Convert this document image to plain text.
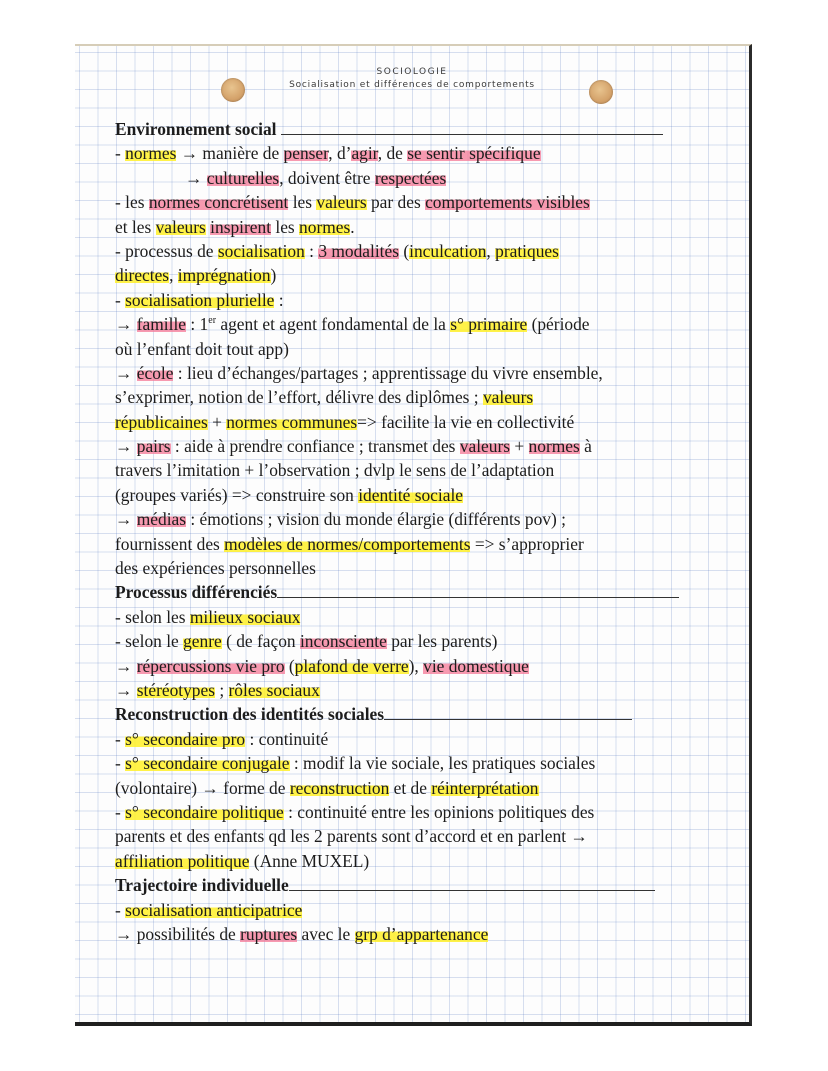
SOCIOLOGIE
Socialisation et différences de comportements
Environnement social
- normes → manière de penser, d’agir, de se sentir spécifique
→ culturelles, doivent être respectées
- les normes concrétisent les valeurs par des comportements visibles
et les valeurs inspirent les normes.
- processus de socialisation : 3 modalités (inculcation, pratiques
directes, imprégnation)
- socialisation plurielle :
→ famille : 1er agent et agent fondamental de la s° primaire (période
où l’enfant doit tout app)
→ école : lieu d’échanges/partages ; apprentissage du vivre ensemble,
s’exprimer, notion de l’effort, délivre des diplômes ; valeurs
républicaines + normes communes=> facilite la vie en collectivité
→ pairs : aide à prendre confiance ; transmet des valeurs + normes à
travers l’imitation + l’observation ; dvlp le sens de l’adaptation
(groupes variés) => construire son identité sociale
→ médias : émotions ; vision du monde élargie (différents pov) ;
fournissent des modèles de normes/comportements => s’approprier
des expériences personnelles
Processus différenciés
- selon les milieux sociaux
- selon le genre ( de façon inconsciente par les parents)
→ répercussions vie pro (plafond de verre), vie domestique
→ stéréotypes ; rôles sociaux
Reconstruction des identités sociales
- s° secondaire pro : continuité
- s° secondaire conjugale : modif la vie sociale, les pratiques sociales
(volontaire) → forme de reconstruction et de réinterprétation
- s° secondaire politique : continuité entre les opinions politiques des
parents et des enfants qd les 2 parents sont d’accord et en parlent →
affiliation politique (Anne MUXEL)
Trajectoire individuelle
- socialisation anticipatrice
→ possibilités de ruptures avec le grp d’appartenance
